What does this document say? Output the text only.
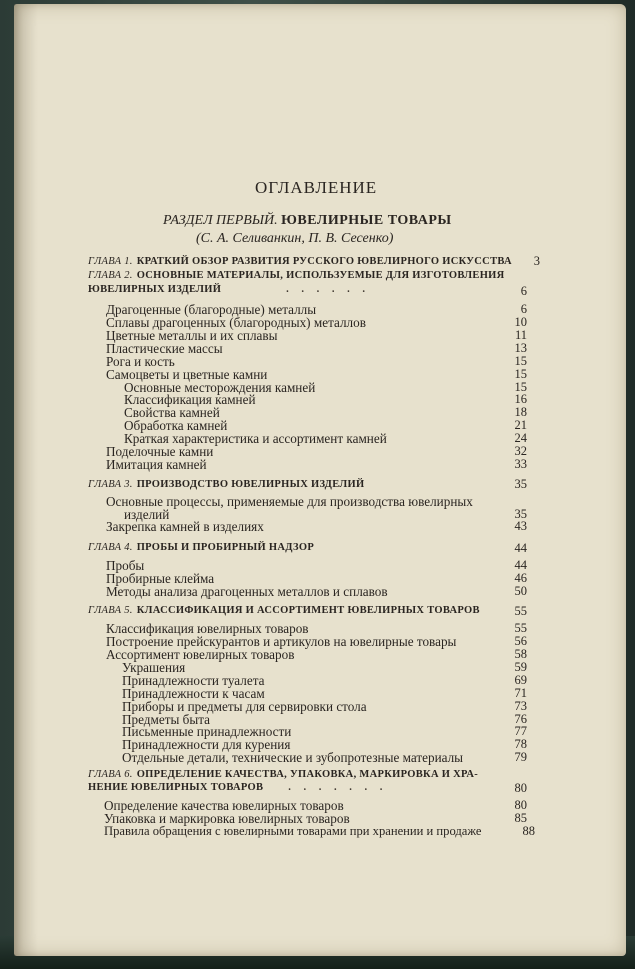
ОГЛАВЛЕНИЕ
РАЗДЕЛ ПЕРВЫЙ. ЮВЕЛИРНЫЕ ТОВАРЫ
(С. А. Селиванкин, П. В. Сесенко)
ГЛАВА 1. КРАТКИЙ ОБЗОР РАЗВИТИЯ РУССКОГО ЮВЕЛИРНОГО ИСКУССТВА	3
ГЛАВА 2. ОСНОВНЫЕ МАТЕРИАЛЫ, ИСПОЛЬЗУЕМЫЕ ДЛЯ ИЗГОТОВЛЕНИЯ
ЮВЕЛИРНЫХ ИЗДЕЛИЙ	. . . . . .	6
Драгоценные (благородные) металлы	6
Сплавы драгоценных (благородных) металлов	10
Цветные металлы и их сплавы	11
Пластические массы	13
Рога и кость	15
Самоцветы и цветные камни	15
Основные месторождения камней	15
Классификация камней	16
Свойства камней	18
Обработка камней	21
Краткая характеристика и ассортимент камней	24
Поделочные камни	32
Имитация камней	33
ГЛАВА 3. ПРОИЗВОДСТВО ЮВЕЛИРНЫХ ИЗДЕЛИЙ	35
Основные процессы, применяемые для производства ювелирных
изделий	35
Закрепка камней в изделиях	43
ГЛАВА 4. ПРОБЫ И ПРОБИРНЫЙ НАДЗОР	44
Пробы	44
Пробирные клейма	46
Методы анализа драгоценных металлов и сплавов	50
ГЛАВА 5. КЛАССИФИКАЦИЯ И АССОРТИМЕНТ ЮВЕЛИРНЫХ ТОВАРОВ	55
Классификация ювелирных товаров	55
Построение прейскурантов и артикулов на ювелирные товары	56
Ассортимент ювелирных товаров	58
Украшения	59
Принадлежности туалета	69
Принадлежности к часам	71
Приборы и предметы для сервировки стола	73
Предметы быта	76
Письменные принадлежности	77
Принадлежности для курения	78
Отдельные детали, технические и зубопротезные материалы	79
ГЛАВА 6. ОПРЕДЕЛЕНИЕ КАЧЕСТВА, УПАКОВКА, МАРКИРОВКА И ХРА-
НЕНИЕ ЮВЕЛИРНЫХ ТОВАРОВ . . . . . . .	80
Определение качества ювелирных товаров	80
Упаковка и маркировка ювелирных товаров	85
Правила обращения с ювелирными товарами при хранении и продаже	88
